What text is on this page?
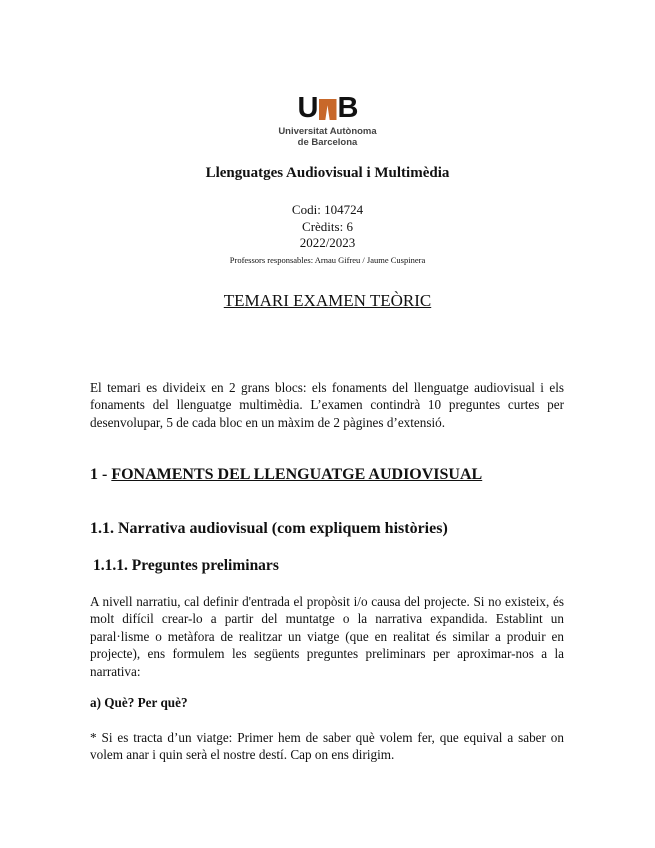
U B
Universitat Autònoma
de Barcelona
Llenguatges Audiovisual i Multimèdia
Codi: 104724
Crèdits: 6
2022/2023
Professors responsables: Arnau Gifreu / Jaume Cuspinera
TEMARI EXAMEN TEÒRIC

El temari es divideix en 2 grans blocs: els fonaments del llenguatge audiovisual i els fonaments del llenguatge multimèdia. L’examen contindrà 10 preguntes curtes per desenvolupar, 5 de cada bloc en un màxim de 2 pàgines d’extensió.

1 - FONAMENTS DEL LLENGUATGE AUDIOVISUAL
1.1. Narrativa audiovisual (com expliquem històries)
1.1.1. Preguntes preliminars

A nivell narratiu, cal definir d'entrada el propòsit i/o causa del projecte. Si no existeix, és molt difícil crear-lo a partir del muntatge o la narrativa expandida. Establint un paral·lisme o metàfora de realitzar un viatge (que en realitat és similar a produir en projecte), ens formulem les següents preguntes preliminars per aproximar-nos a la narrativa:

a) Què? Per què?

* Si es tracta d’un viatge: Primer hem de saber què volem fer, que equival a saber on volem anar i quin serà el nostre destí. Cap on ens dirigim.
